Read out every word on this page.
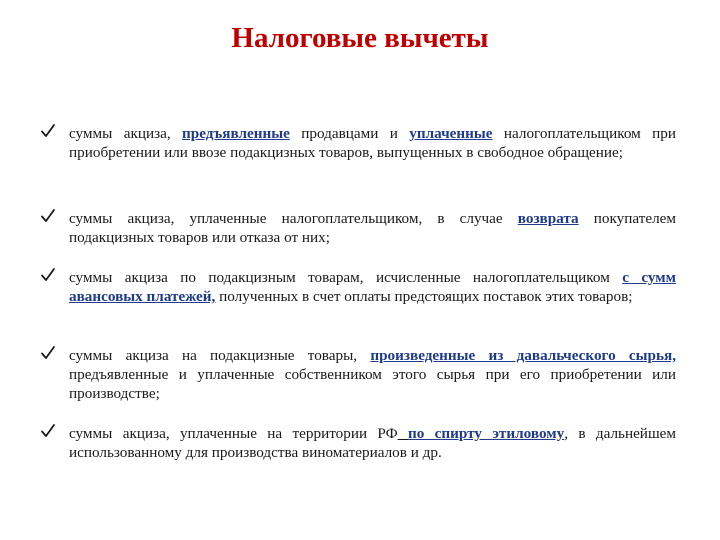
Налоговые вычеты
суммы акциза, предъявленные продавцами и уплаченные налогоплательщиком при приобретении или ввозе подакцизных товаров, выпущенных в свободное обращение;
суммы акциза, уплаченные налогоплательщиком, в случае возврата покупателем подакцизных товаров или отказа от них;
суммы акциза по подакцизным товарам, исчисленные налогоплательщиком с сумм авансовых платежей, полученных в счет оплаты предстоящих поставок этих товаров;
суммы акциза на подакцизные товары, произведенные из давальческого сырья, предъявленные и уплаченные собственником этого сырья при его приобретении или производстве;
суммы акциза, уплаченные на территории РФ по спирту этиловому, в дальнейшем использованному для производства виноматериалов и др.
